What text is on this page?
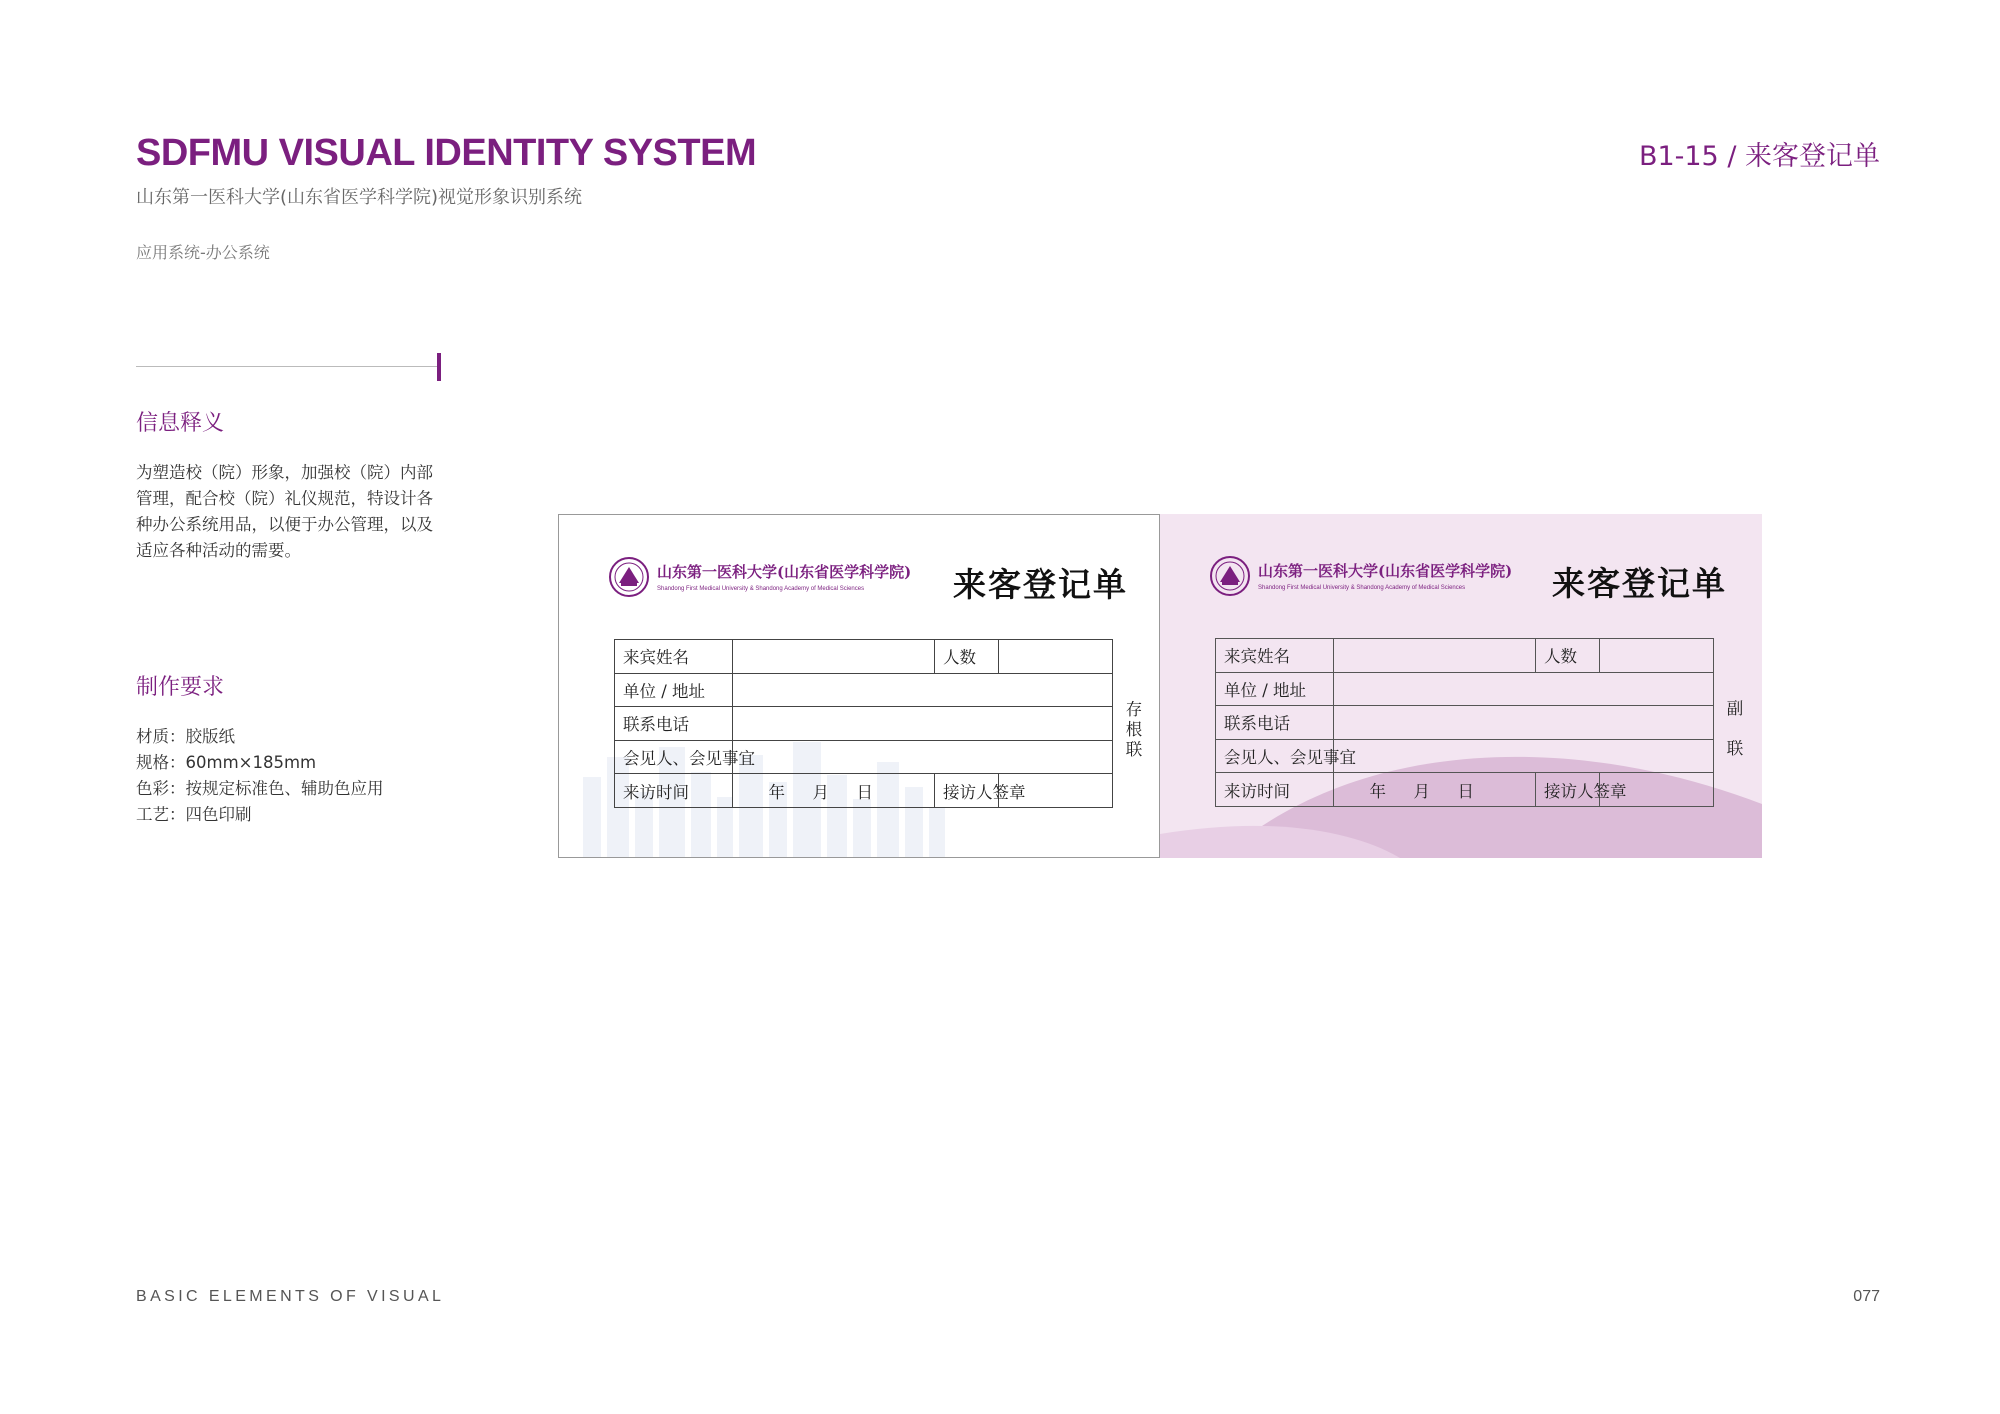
SDFMU VISUAL IDENTITY SYSTEM
山东第一医科大学(山东省医学科学院)视觉形象识别系统
应用系统-办公系统
B1-15 / 来客登记单
信息释义
为塑造校（院）形象，加强校（院）内部
管理，配合校（院）礼仪规范，特设计各
种办公系统用品，以便于办公管理，以及
适应各种活动的需要。
制作要求
材质：胶版纸
规格：60mm×185mm
色彩：按规定标准色、辅助色应用
工艺：四色印刷
山东第一医科大学(山东省医学科学院)
Shandong First Medical University & Shandong Academy of Medical Sciences	来客登记单
来宾姓名		人数	
单位 / 地址			
联系电话			
会见人、会见事宜			
来访时间	年 月 日	接访人签章	
存
根
联
山东第一医科大学(山东省医学科学院)
Shandong First Medical University & Shandong Academy of Medical Sciences	来客登记单
来宾姓名		人数	
单位 / 地址			
联系电话			
会见人、会见事宜			
来访时间	年 月 日	接访人签章	
副
联
BASIC ELEMENTS OF VISUAL	077
